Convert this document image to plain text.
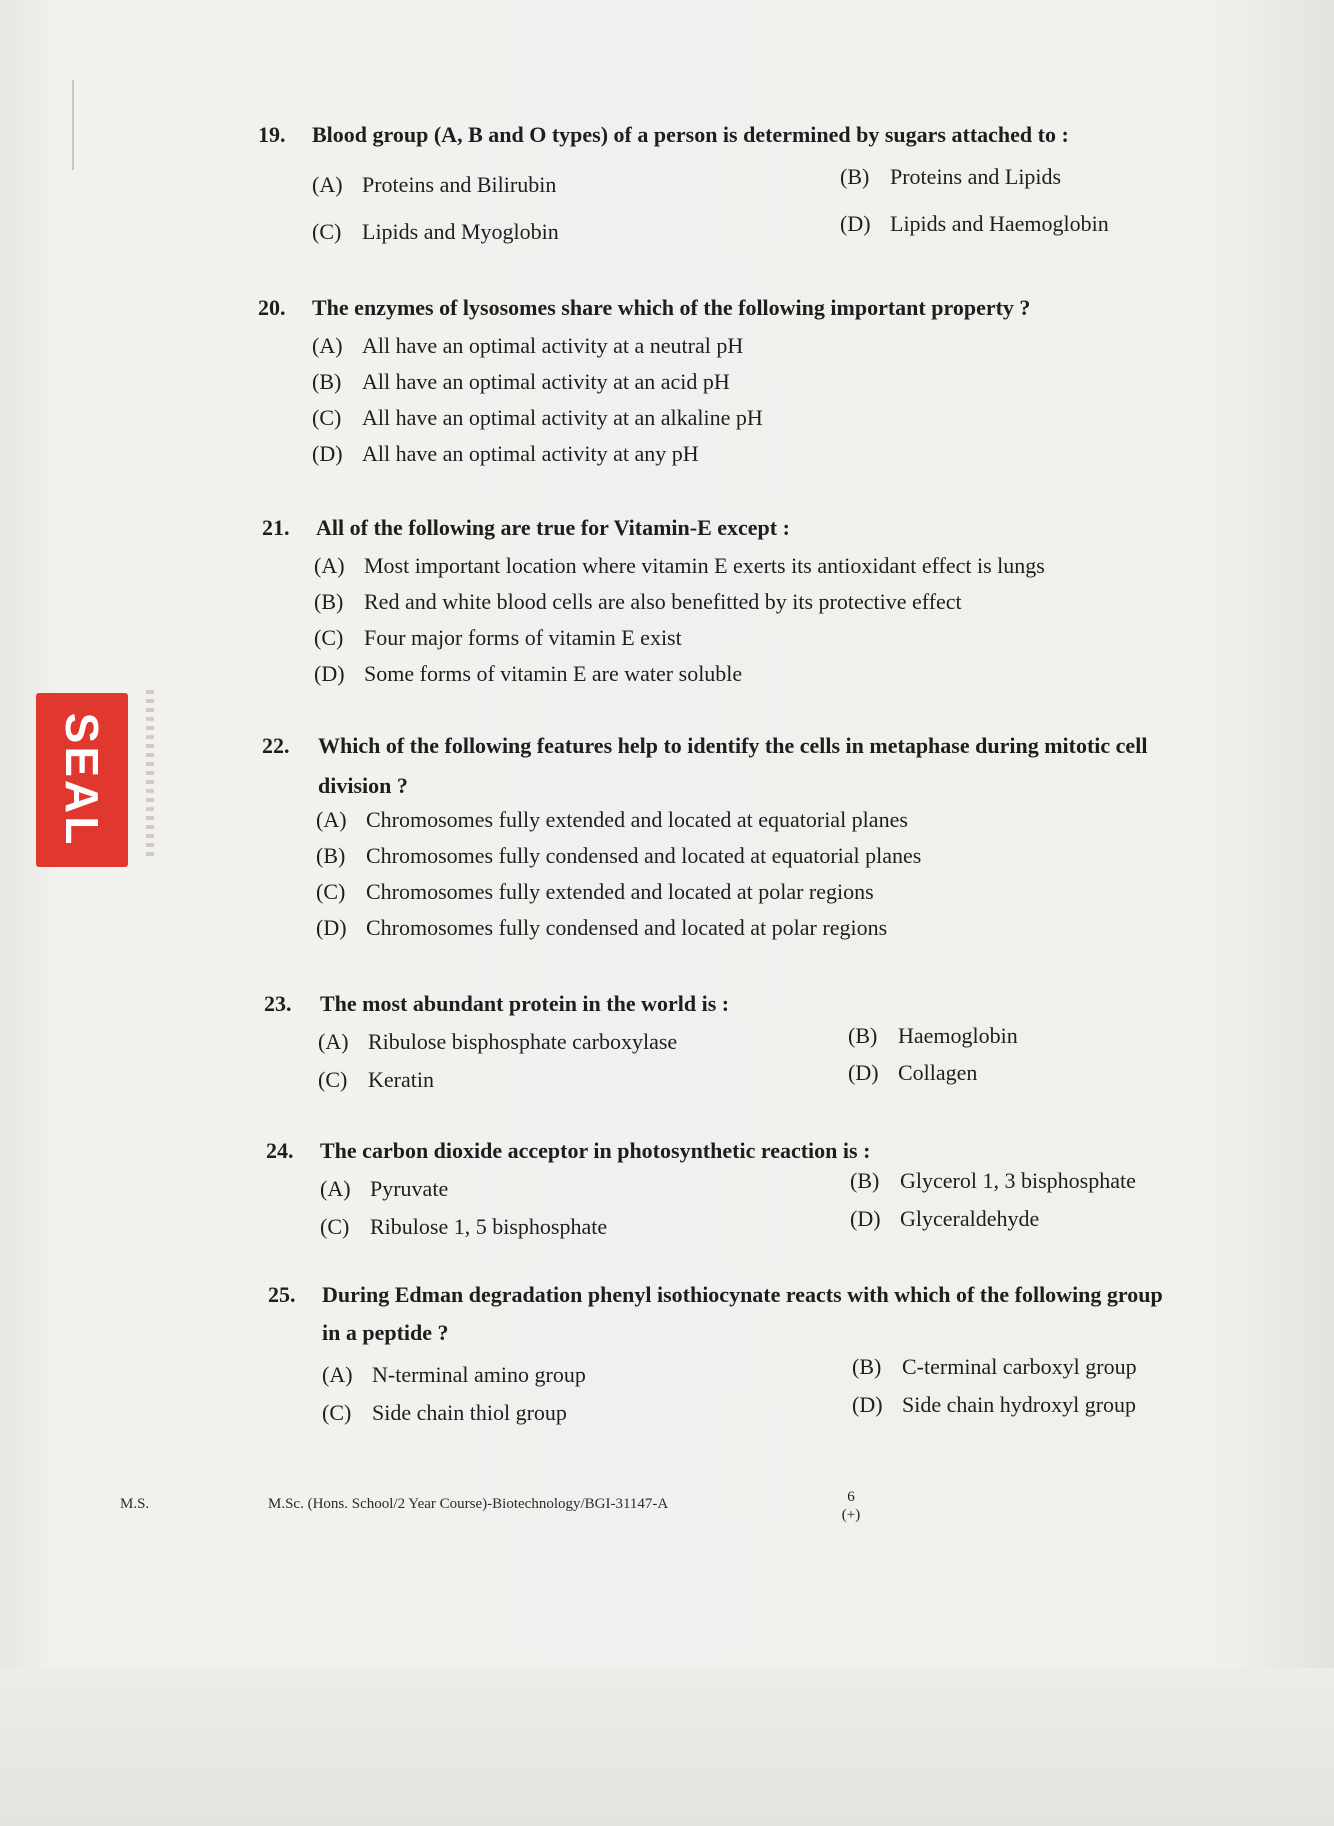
SEAL
19. Blood group (A, B and O types) of a person is determined by sugars attached to :
(A) Proteins and Bilirubin	(B) Proteins and Lipids
(C) Lipids and Myoglobin	(D) Lipids and Haemoglobin
20. The enzymes of lysosomes share which of the following important property ?
(A) All have an optimal activity at a neutral pH
(B) All have an optimal activity at an acid pH
(C) All have an optimal activity at an alkaline pH
(D) All have an optimal activity at any pH
21. All of the following are true for Vitamin-E except :
(A) Most important location where vitamin E exerts its antioxidant effect is lungs
(B) Red and white blood cells are also benefitted by its protective effect
(C) Four major forms of vitamin E exist
(D) Some forms of vitamin E are water soluble
22. Which of the following features help to identify the cells in metaphase during mitotic cell
division ?
(A) Chromosomes fully extended and located at equatorial planes
(B) Chromosomes fully condensed and located at equatorial planes
(C) Chromosomes fully extended and located at polar regions
(D) Chromosomes fully condensed and located at polar regions
23. The most abundant protein in the world is :
(A) Ribulose bisphosphate carboxylase	(B) Haemoglobin
(C) Keratin	(D) Collagen
24. The carbon dioxide acceptor in photosynthetic reaction is :
(A) Pyruvate	(B) Glycerol 1, 3 bisphosphate
(C) Ribulose 1, 5 bisphosphate	(D) Glyceraldehyde
25. During Edman degradation phenyl isothiocynate reacts with which of the following group
in a peptide ?
(A) N-terminal amino group	(B) C-terminal carboxyl group
(C) Side chain thiol group	(D) Side chain hydroxyl group
M.S.	M.Sc. (Hons. School/2 Year Course)-Biotechnology/BGI-31147-A	6
(+)
